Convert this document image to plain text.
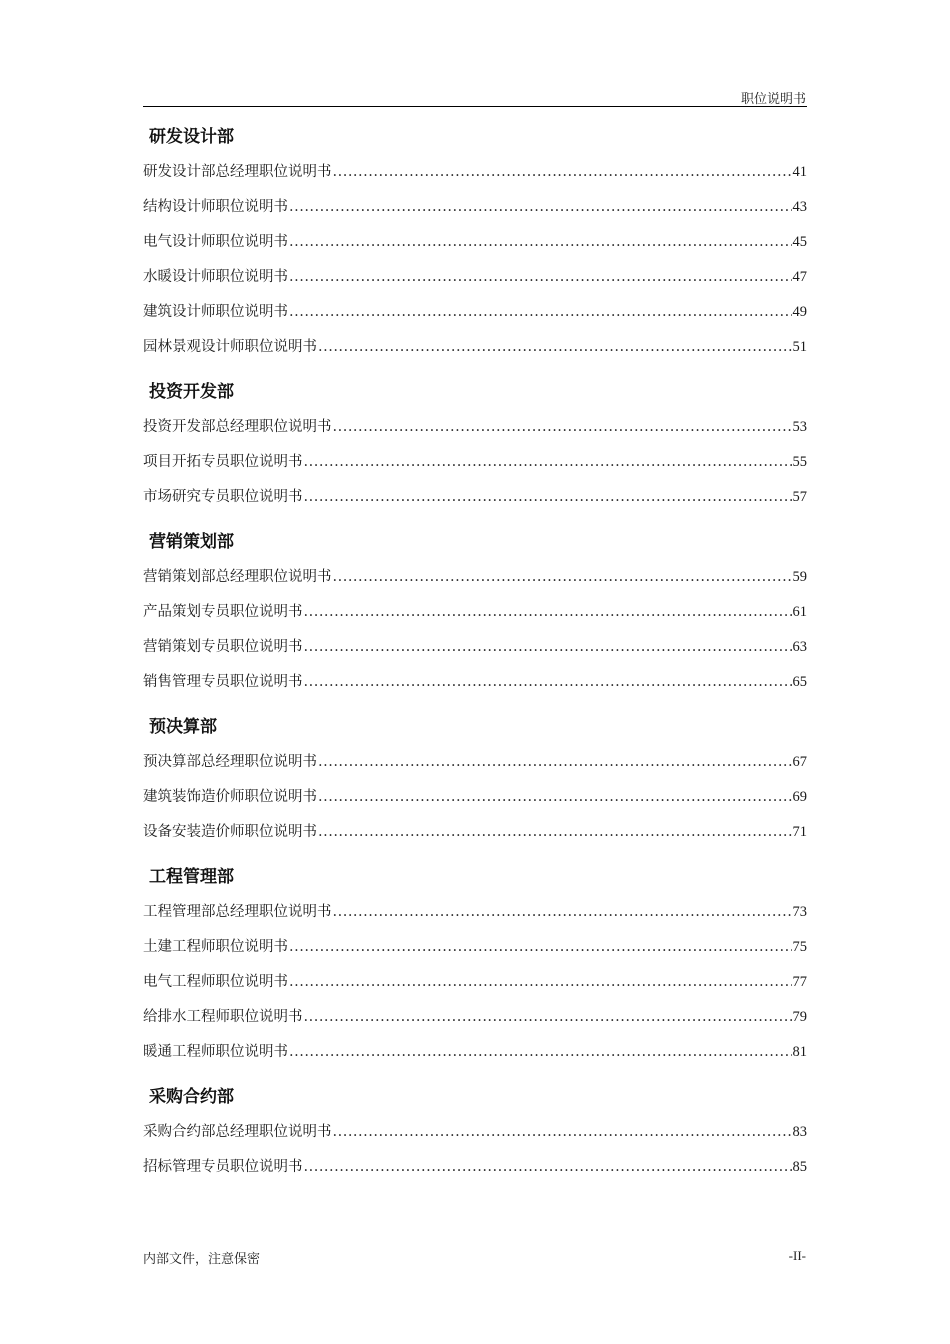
职位说明书
研发设计部
研发设计部总经理职位说明书 .....	41
结构设计师职位说明书 .....	43
电气设计师职位说明书 .....	45
水暖设计师职位说明书 .....	47
建筑设计师职位说明书 .....	49
园林景观设计师职位说明书 .....	51
投资开发部
投资开发部总经理职位说明书 .....	53
项目开拓专员职位说明书 .....	55
市场研究专员职位说明书 .....	57
营销策划部
营销策划部总经理职位说明书 .....	59
产品策划专员职位说明书 .....	61
营销策划专员职位说明书 .....	63
销售管理专员职位说明书 .....	65
预决算部
预决算部总经理职位说明书 .....	67
建筑装饰造价师职位说明书 .....	69
设备安装造价师职位说明书 .....	71
工程管理部
工程管理部总经理职位说明书 .....	73
土建工程师职位说明书 .....	75
电气工程师职位说明书 .....	77
给排水工程师职位说明书 .....	79
暖通工程师职位说明书 .....	81
采购合约部
采购合约部总经理职位说明书 .....	83
招标管理专员职位说明书 .....	85
内部文件，注意保密	-II-
